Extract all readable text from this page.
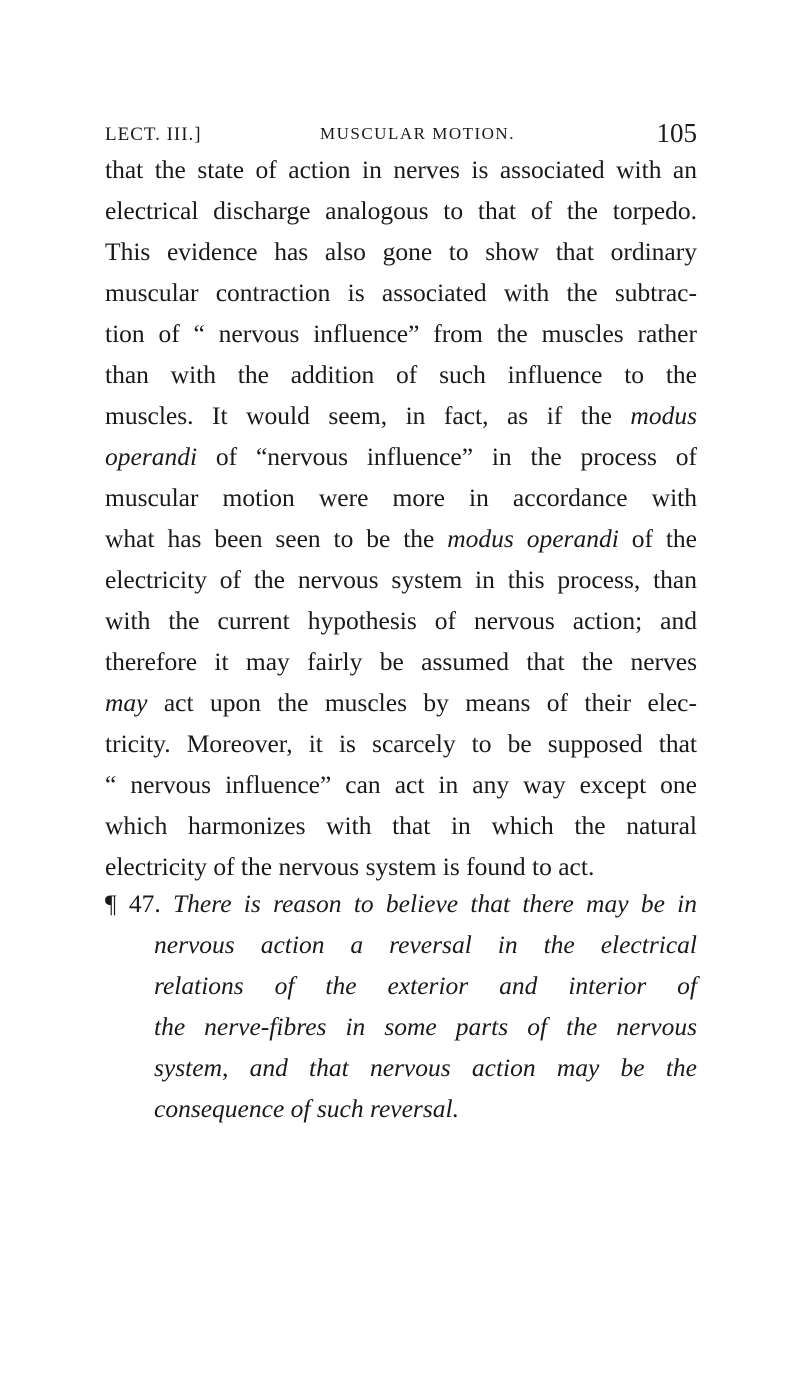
LECT. III.]	MUSCULAR MOTION.	105
that the state of action in nerves is associated with an
electrical discharge analogous to that of the torpedo.
This evidence has also gone to show that ordinary
muscular contraction is associated with the subtrac-
tion of “ nervous influence” from the muscles rather
than with the addition of such influence to the
muscles. It would seem, in fact, as if the modus
operandi of “nervous influence” in the process of
muscular motion were more in accordance with
what has been seen to be the modus operandi of the
electricity of the nervous system in this process, than
with the current hypothesis of nervous action; and
therefore it may fairly be assumed that the nerves
may act upon the muscles by means of their elec-
tricity. Moreover, it is scarcely to be supposed that
“ nervous influence” can act in any way except one
which harmonizes with that in which the natural
electricity of the nervous system is found to act.
¶ 47. There is reason to believe that there may be in
nervous action a reversal in the electrical
relations of the exterior and interior of
the nerve-fibres in some parts of the nervous
system, and that nervous action may be the
consequence of such reversal.
